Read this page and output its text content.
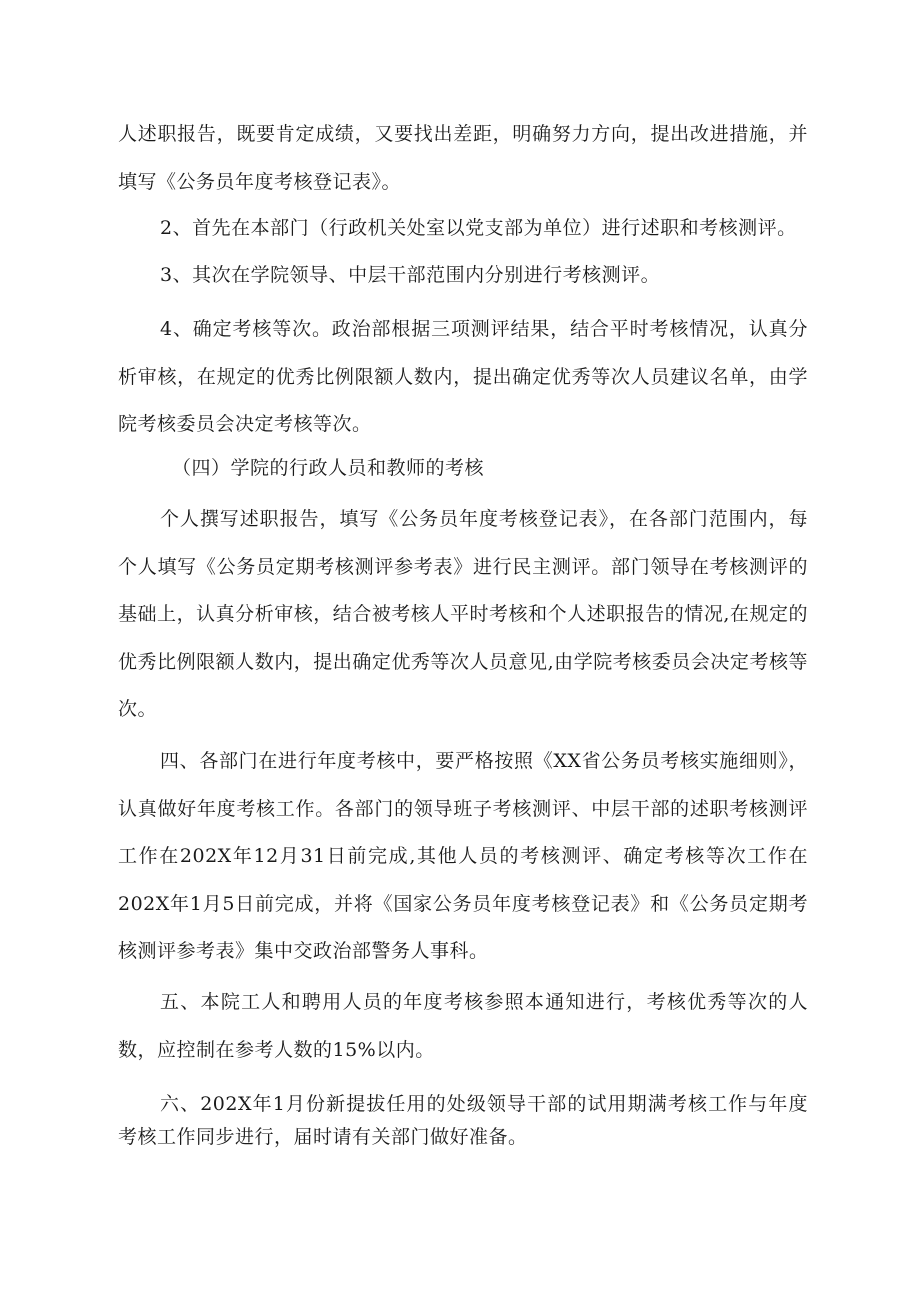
人述职报告，既要肯定成绩，又要找出差距，明确努力方向，提出改进措施，并填写《公务员年度考核登记表》。

2、首先在本部门（行政机关处室以党支部为单位）进行述职和考核测评。

3、其次在学院领导、中层干部范围内分别进行考核测评。

4、确定考核等次。政治部根据三项测评结果，结合平时考核情况，认真分析审核，在规定的优秀比例限额人数内，提出确定优秀等次人员建议名单，由学院考核委员会决定考核等次。

（四）学院的行政人员和教师的考核

个人撰写述职报告，填写《公务员年度考核登记表》，在各部门范围内，每个人填写《公务员定期考核测评参考表》进行民主测评。部门领导在考核测评的基础上，认真分析审核，结合被考核人平时考核和个人述职报告的情况,在规定的优秀比例限额人数内，提出确定优秀等次人员意见,由学院考核委员会决定考核等次。

四、各部门在进行年度考核中，要严格按照《XX省公务员考核实施细则》，认真做好年度考核工作。各部门的领导班子考核测评、中层干部的述职考核测评工作在202X年12月31日前完成,其他人员的考核测评、确定考核等次工作在202X年1月5日前完成，并将《国家公务员年度考核登记表》和《公务员定期考核测评参考表》集中交政治部警务人事科。

五、本院工人和聘用人员的年度考核参照本通知进行，考核优秀等次的人数，应控制在参考人数的15%以内。

六、202X年1月份新提拔任用的处级领导干部的试用期满考核工作与年度考核工作同步进行，届时请有关部门做好准备。
